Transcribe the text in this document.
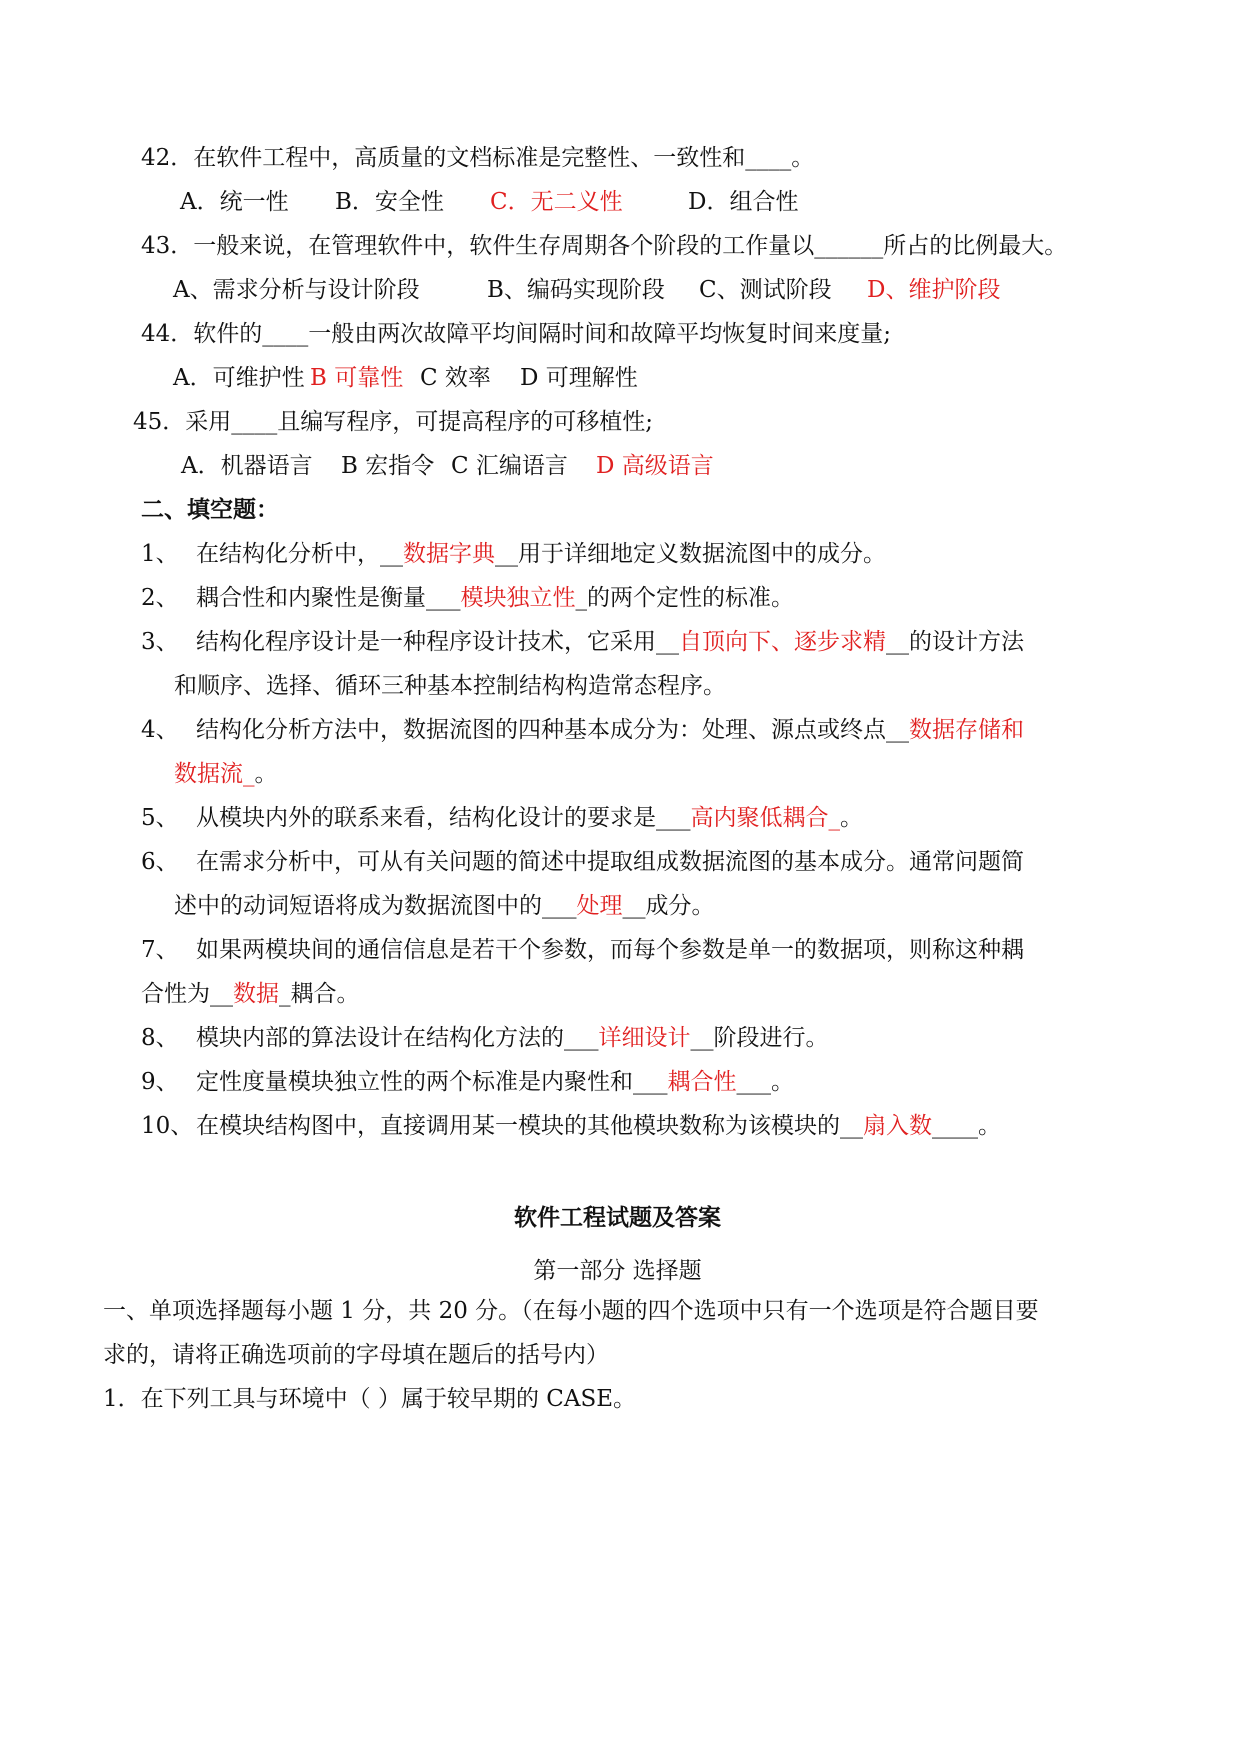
42．在软件工程中，高质量的文档标准是完整性、一致性和____。
A．统一性 B．安全性 C．无二义性	D．组合性
43．一般来说，在管理软件中，软件生存周期各个阶段的工作量以______所占的比例最大。
A、需求分析与设计阶段	B、编码实现阶段 C、测试阶段 D、维护阶段
44．软件的____一般由两次故障平均间隔时间和故障平均恢复时间来度量;
A．可维护性 B 可靠性 C 效率 D 可理解性
45．采用____且编写程序，可提高程序的可移植性;
A．机器语言 B 宏指令 C 汇编语言 D 高级语言
二、填空题：
1、 在结构化分析中，__数据字典__用于详细地定义数据流图中的成分。
2、 耦合性和内聚性是衡量___模块独立性_的两个定性的标准。
3、 结构化程序设计是一种程序设计技术，它采用__自顶向下、逐步求精__的设计方法
和顺序、选择、循环三种基本控制结构构造常态程序。
4、 结构化分析方法中，数据流图的四种基本成分为：处理、源点或终点__数据存储和
数据流_。
5、 从模块内外的联系来看，结构化设计的要求是___高内聚低耦合_。
6、 在需求分析中，可从有关问题的简述中提取组成数据流图的基本成分。通常问题简
述中的动词短语将成为数据流图中的___处理__成分。
7、 如果两模块间的通信信息是若干个参数，而每个参数是单一的数据项，则称这种耦
合性为__数据_耦合。
8、 模块内部的算法设计在结构化方法的___详细设计__阶段进行。
9、 定性度量模块独立性的两个标准是内聚性和___耦合性___。
10、 在模块结构图中，直接调用某一模块的其他模块数称为该模块的__扇入数____。
软件工程试题及答案
第一部分 选择题
一、单项选择题每小题 1 分，共 20 分。（在每小题的四个选项中只有一个选项是符合题目要
求的，请将正确选项前的字母填在题后的括号内）
1．在下列工具与环境中（ ）属于较早期的 CASE。
